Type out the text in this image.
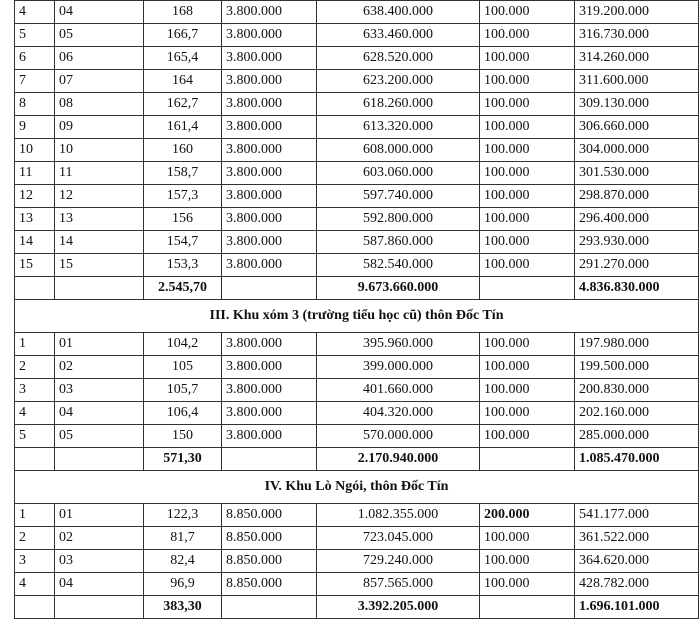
4	04	168	3.800.000	638.400.000	100.000	319.200.000
5	05	166,7	3.800.000	633.460.000	100.000	316.730.000
6	06	165,4	3.800.000	628.520.000	100.000	314.260.000
7	07	164	3.800.000	623.200.000	100.000	311.600.000
8	08	162,7	3.800.000	618.260.000	100.000	309.130.000
9	09	161,4	3.800.000	613.320.000	100.000	306.660.000
10	10	160	3.800.000	608.000.000	100.000	304.000.000
11	11	158,7	3.800.000	603.060.000	100.000	301.530.000
12	12	157,3	3.800.000	597.740.000	100.000	298.870.000
13	13	156	3.800.000	592.800.000	100.000	296.400.000
14	14	154,7	3.800.000	587.860.000	100.000	293.930.000
15	15	153,3	3.800.000	582.540.000	100.000	291.270.000
		2.545,70		9.673.660.000		4.836.830.000
III. Khu xóm 3 (trường tiểu học cũ) thôn Đốc Tín						
1	01	104,2	3.800.000	395.960.000	100.000	197.980.000
2	02	105	3.800.000	399.000.000	100.000	199.500.000
3	03	105,7	3.800.000	401.660.000	100.000	200.830.000
4	04	106,4	3.800.000	404.320.000	100.000	202.160.000
5	05	150	3.800.000	570.000.000	100.000	285.000.000
		571,30		2.170.940.000		1.085.470.000
IV. Khu Lò Ngói, thôn Đốc Tín						
1	01	122,3	8.850.000	1.082.355.000	200.000	541.177.000
2	02	81,7	8.850.000	723.045.000	100.000	361.522.000
3	03	82,4	8.850.000	729.240.000	100.000	364.620.000
4	04	96,9	8.850.000	857.565.000	100.000	428.782.000
		383,30		3.392.205.000		1.696.101.000
